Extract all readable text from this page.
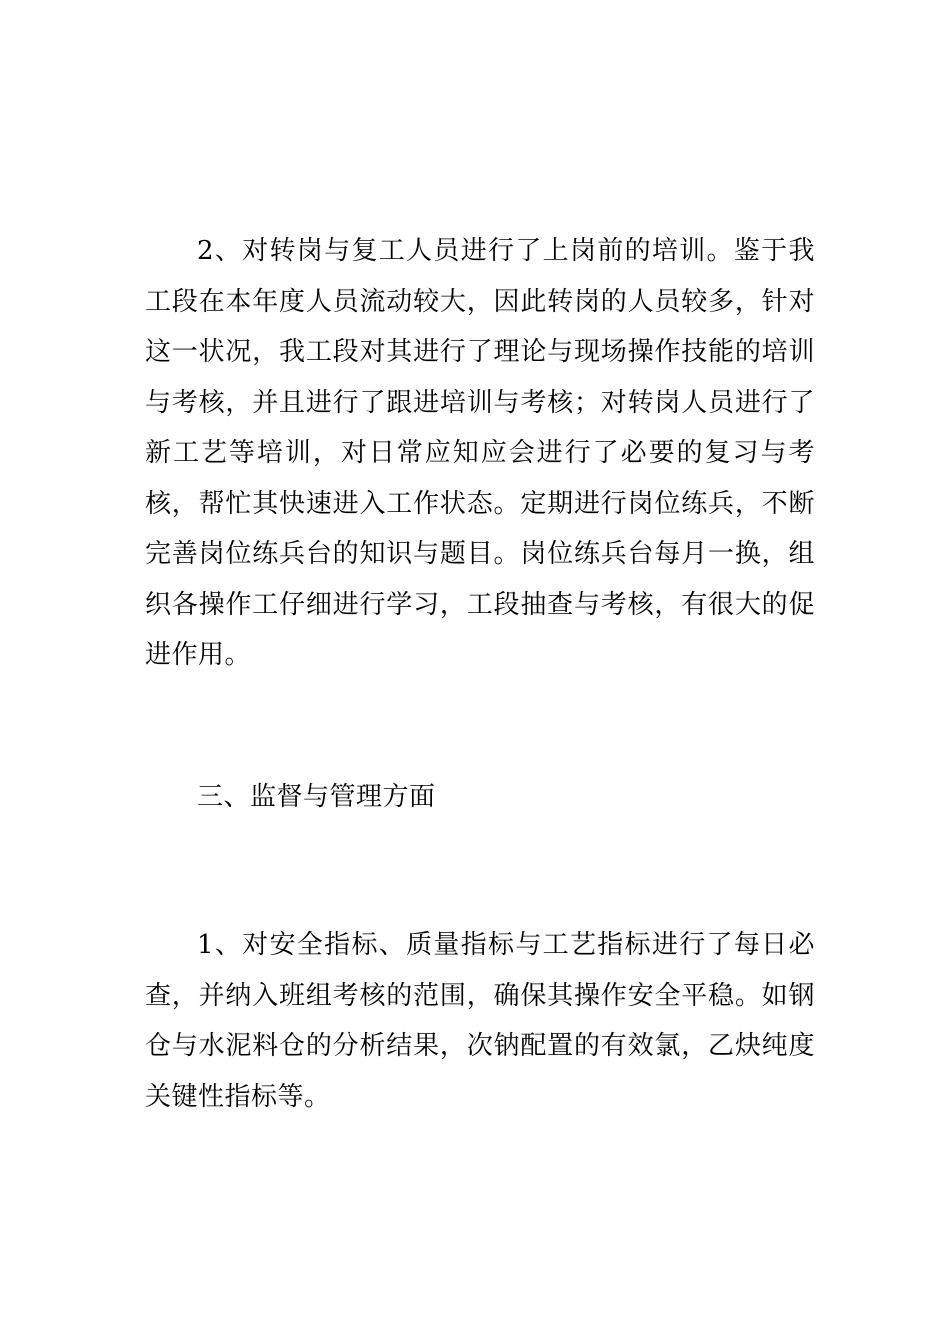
2、对转岗与复工人员进行了上岗前的培训。鉴于我工段在本年度人员流动较大，因此转岗的人员较多，针对这一状况，我工段对其进行了理论与现场操作技能的培训与考核，并且进行了跟进培训与考核；对转岗人员进行了新工艺等培训，对日常应知应会进行了必要的复习与考核，帮忙其快速进入工作状态。定期进行岗位练兵，不断完善岗位练兵台的知识与题目。岗位练兵台每月一换，组织各操作工仔细进行学习，工段抽查与考核，有很大的促进作用。

三、监督与管理方面

1、对安全指标、质量指标与工艺指标进行了每日必查，并纳入班组考核的范围，确保其操作安全平稳。如钢仓与水泥料仓的分析结果，次钠配置的有效氯，乙炔纯度关键性指标等。
